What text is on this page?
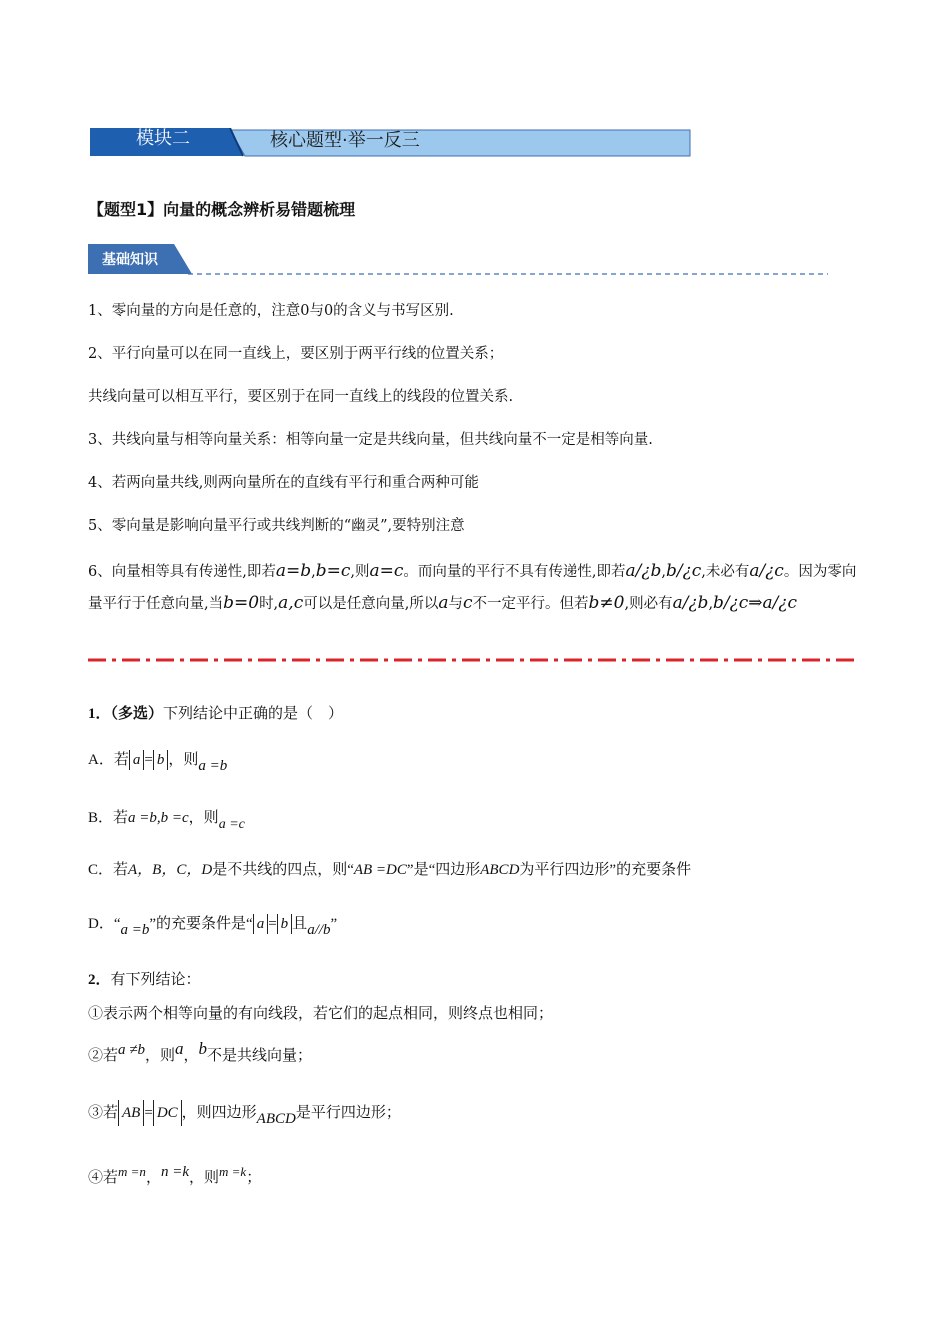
模块二	核心题型·举一反三
【题型1】向量的概念辨析易错题梳理
基础知识
1、零向量的方向是任意的，注意0与0的含义与书写区别.
2、平行向量可以在同一直线上，要区别于两平行线的位置关系；
共线向量可以相互平行，要区别于在同一直线上的线段的位置关系.
3、共线向量与相等向量关系：相等向量一定是共线向量，但共线向量不一定是相等向量.
4、若两向量共线,则两向量所在的直线有平行和重合两种可能
5、零向量是影响向量平行或共线判断的“幽灵”,要特别注意
6、向量相等具有传递性,即若a=b,b=c,则a=c。而向量的平行不具有传递性,即若a/¿b,b/¿c,未必有a/¿c。因为零向量平行于任意向量,当b=0时,a,c可以是任意向量,所以a与c不一定平行。但若b≠0,则必有a/¿b,b/¿c⇒a/¿c
1．（多选）下列结论中正确的是（　）
A．若 a = b ，则a =b
B．若a =b,b =c，则a =c
C．若A，B，C，D是不共线的四点，则“AB =DC”是“四边形ABCD为平行四边形”的充要条件
D．“a =b”的充要条件是“ a = b 且a//b”
2．有下列结论：
①表示两个相等向量的有向线段，若它们的起点相同，则终点也相同；
②若a ≠b，则a，b不是共线向量；
③若 AB = DC ，则四边形ABCD是平行四边形；
④若m =n，n =k，则m =k；
